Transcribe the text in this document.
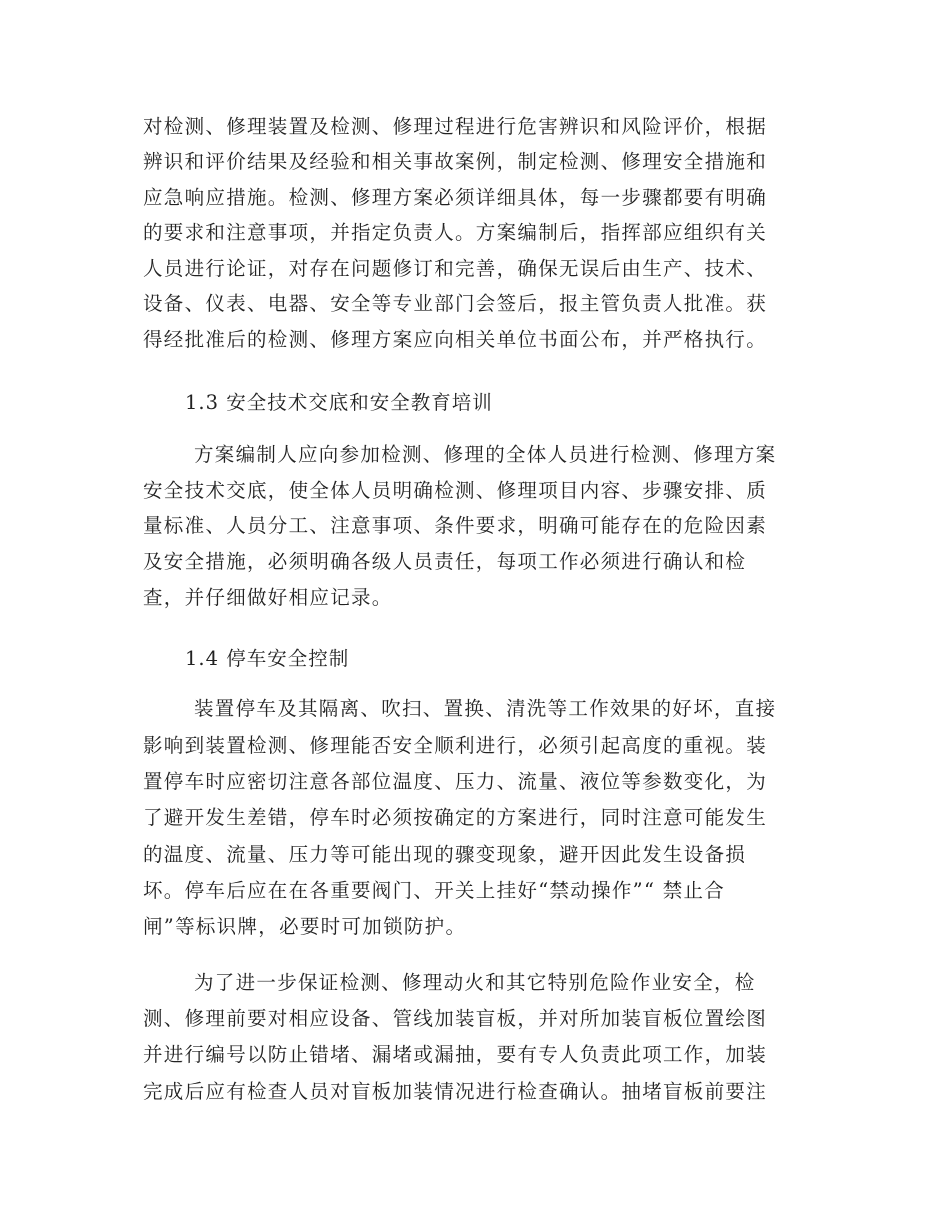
对检测、修理装置及检测、修理过程进行危害辨识和风险评价，根据
辨识和评价结果及经验和相关事故案例，制定检测、修理安全措施和
应急响应措施。检测、修理方案必须详细具体，每一步骤都要有明确
的要求和注意事项，并指定负责人。方案编制后，指挥部应组织有关
人员进行论证，对存在问题修订和完善，确保无误后由生产、技术、
设备、仪表、电器、安全等专业部门会签后，报主管负责人批准。获
得经批准后的检测、修理方案应向相关单位书面公布，并严格执行。
1.3 安全技术交底和安全教育培训
方案编制人应向参加检测、修理的全体人员进行检测、修理方案
安全技术交底，使全体人员明确检测、修理项目内容、步骤安排、质
量标准、人员分工、注意事项、条件要求，明确可能存在的危险因素
及安全措施，必须明确各级人员责任，每项工作必须进行确认和检
查，并仔细做好相应记录。
1.4 停车安全控制
装置停车及其隔离、吹扫、置换、清洗等工作效果的好坏，直接
影响到装置检测、修理能否安全顺利进行，必须引起高度的重视。装
置停车时应密切注意各部位温度、压力、流量、液位等参数变化，为
了避开发生差错，停车时必须按确定的方案进行，同时注意可能发生
的温度、流量、压力等可能出现的骤变现象，避开因此发生设备损
坏。停车后应在在各重要阀门、开关上挂好“禁动操作”“ 禁止合
闸”等标识牌，必要时可加锁防护。
为了进一步保证检测、修理动火和其它特别危险作业安全，检
测、修理前要对相应设备、管线加装盲板，并对所加装盲板位置绘图
并进行编号以防止错堵、漏堵或漏抽，要有专人负责此项工作，加装
完成后应有检查人员对盲板加装情况进行检查确认。抽堵盲板前要注
